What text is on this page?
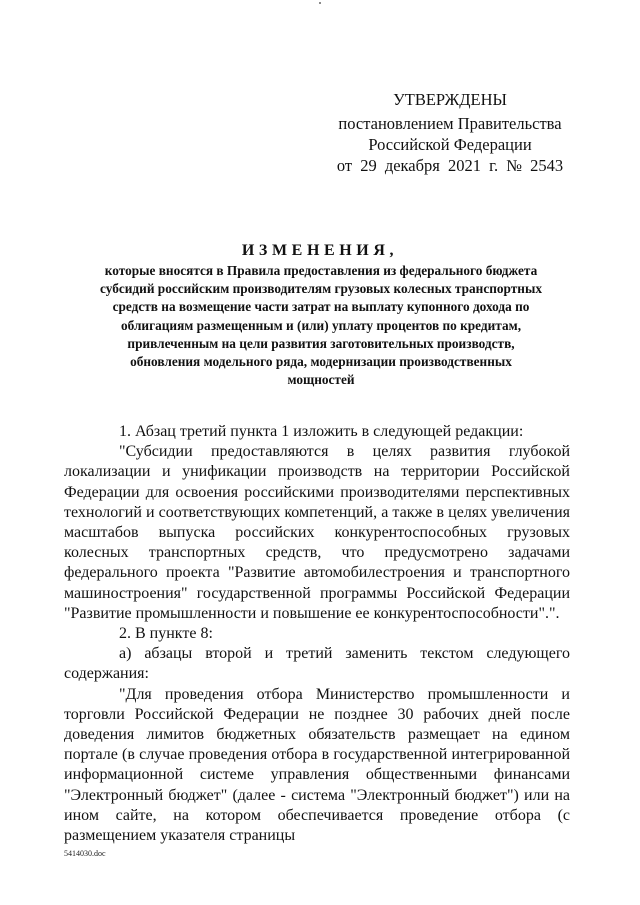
УТВЕРЖДЕНЫ
постановлением Правительства
Российской Федерации
от 29 декабря 2021 г. № 2543
ИЗМЕНЕНИЯ,
которые вносятся в Правила предоставления из федерального бюджета субсидий российским производителям грузовых колесных транспортных средств на возмещение части затрат на выплату купонного дохода по облигациям размещенным и (или) уплату процентов по кредитам, привлеченным на цели развития заготовительных производств, обновления модельного ряда, модернизации производственных мощностей

1. Абзац третий пункта 1 изложить в следующей редакции:

"Субсидии предоставляются в целях развития глубокой локализации и унификации производств на территории Российской Федерации для освоения российскими производителями перспективных технологий и соответствующих компетенций, а также в целях увеличения масштабов выпуска российских конкурентоспособных грузовых колесных транспортных средств, что предусмотрено задачами федерального проекта "Развитие автомобилестроения и транспортного машиностроения" государственной программы Российской Федерации "Развитие промышленности и повышение ее конкурентоспособности".".

2. В пункте 8:

а) абзацы второй и третий заменить текстом следующего содержания:

"Для проведения отбора Министерство промышленности и торговли Российской Федерации не позднее 30 рабочих дней после доведения лимитов бюджетных обязательств размещает на едином портале (в случае проведения отбора в государственной интегрированной информационной системе управления общественными финансами "Электронный бюджет" (далее - система "Электронный бюджет") или на ином сайте, на котором обеспечивается проведение отбора (с размещением указателя страницы

5414030.doc
